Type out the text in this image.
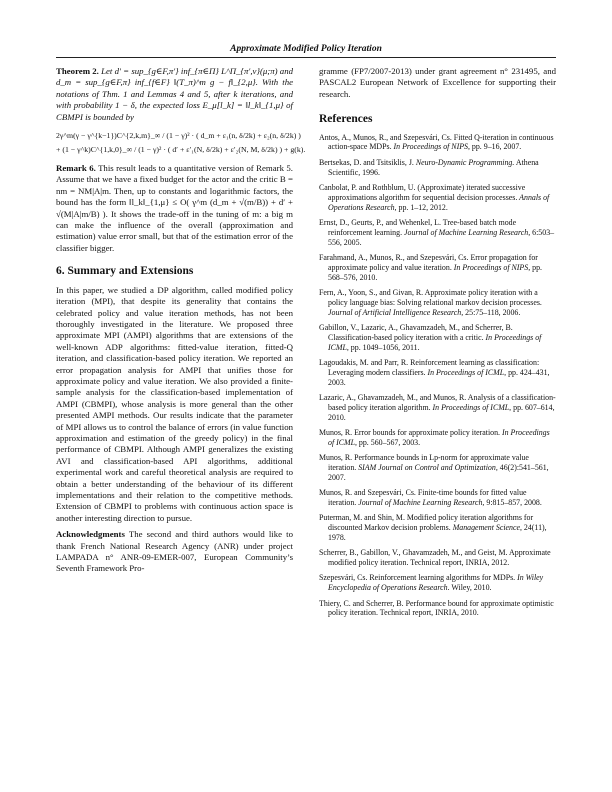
Approximate Modified Policy Iteration

Theorem 2. Let d′ = sup_{g∈F,π′} inf_{π∈Π} L^Π_{π′,ν}(μ;π) and d_m = sup_{g∈F,π} inf_{f∈F} ‖(T_π)^m g − f‖_{2,μ}. With the notations of Thm. 1 and Lemmas 4 and 5, after k iterations, and with probability 1 − δ, the expected loss E_μ[l_k] = ‖l_k‖_{1,μ} of CBMPI is bounded by

2γ^m(γ − γ^{k−1})C^{2,k,m}_∞ / (1 − γ)² · ( d_m + ε₁(n, δ/2k) + ε₂(n, δ/2k) )
+ (1 − γ^k)C^{1,k,0}_∞ / (1 − γ)² · ( d′ + ε′₁(N, δ/2k) + ε′₂(N, M, δ/2k) ) + g(k).

Remark 6. This result leads to a quantitative version of Remark 5. Assume that we have a fixed budget for the actor and the critic B = nm = NM|A|m. Then, up to constants and logarithmic factors, the bound has the form ‖l_k‖_{1,μ} ≤ O( γ^m (d_m + √(m/B)) + d′ + √(M|A|m/B) ). It shows the trade-off in the tuning of m: a big m can make the influence of the overall (approximation and estimation) value error small, but that of the estimation error of the classifier bigger.

6. Summary and Extensions

In this paper, we studied a DP algorithm, called modified policy iteration (MPI), that despite its generality that contains the celebrated policy and value iteration methods, has not been thoroughly investigated in the literature. We proposed three approximate MPI (AMPI) algorithms that are extensions of the well-known ADP algorithms: fitted-value iteration, fitted-Q iteration, and classification-based policy iteration. We reported an error propagation analysis for AMPI that unifies those for approximate policy and value iteration. We also provided a finite-sample analysis for the classification-based implementation of AMPI (CBMPI), whose analysis is more general than the other presented AMPI methods. Our results indicate that the parameter of MPI allows us to control the balance of errors (in value function approximation and estimation of the greedy policy) in the final performance of CBMPI. Although AMPI generalizes the existing AVI and classification-based API algorithms, additional experimental work and careful theoretical analysis are required to obtain a better understanding of the behaviour of its different implementations and their relation to the competitive methods. Extension of CBMPI to problems with continuous action space is another interesting direction to pursue.

Acknowledgments The second and third authors would like to thank French National Research Agency (ANR) under project LAMPADA n° ANR-09-EMER-007, European Community’s Seventh Framework Pro-

gramme (FP7/2007-2013) under grant agreement n° 231495, and PASCAL2 European Network of Excellence for supporting their research.

References

Antos, A., Munos, R., and Szepesvári, Cs. Fitted Q-iteration in continuous action-space MDPs. In Proceedings of NIPS, pp. 9–16, 2007.

Bertsekas, D. and Tsitsiklis, J. Neuro-Dynamic Programming. Athena Scientific, 1996.

Canbolat, P. and Rothblum, U. (Approximate) iterated successive approximations algorithm for sequential decision processes. Annals of Operations Research, pp. 1–12, 2012.

Ernst, D., Geurts, P., and Wehenkel, L. Tree-based batch mode reinforcement learning. Journal of Machine Learning Research, 6:503–556, 2005.

Farahmand, A., Munos, R., and Szepesvári, Cs. Error propagation for approximate policy and value iteration. In Proceedings of NIPS, pp. 568–576, 2010.

Fern, A., Yoon, S., and Givan, R. Approximate policy iteration with a policy language bias: Solving relational markov decision processes. Journal of Artificial Intelligence Research, 25:75–118, 2006.

Gabillon, V., Lazaric, A., Ghavamzadeh, M., and Scherrer, B. Classification-based policy iteration with a critic. In Proceedings of ICML, pp. 1049–1056, 2011.

Lagoudakis, M. and Parr, R. Reinforcement learning as classification: Leveraging modern classifiers. In Proceedings of ICML, pp. 424–431, 2003.

Lazaric, A., Ghavamzadeh, M., and Munos, R. Analysis of a classification-based policy iteration algorithm. In Proceedings of ICML, pp. 607–614, 2010.

Munos, R. Error bounds for approximate policy iteration. In Proceedings of ICML, pp. 560–567, 2003.

Munos, R. Performance bounds in Lp-norm for approximate value iteration. SIAM Journal on Control and Optimization, 46(2):541–561, 2007.

Munos, R. and Szepesvári, Cs. Finite-time bounds for fitted value iteration. Journal of Machine Learning Research, 9:815–857, 2008.

Puterman, M. and Shin, M. Modified policy iteration algorithms for discounted Markov decision problems. Management Science, 24(11), 1978.

Scherrer, B., Gabillon, V., Ghavamzadeh, M., and Geist, M. Approximate modified policy iteration. Technical report, INRIA, 2012.

Szepesvári, Cs. Reinforcement learning algorithms for MDPs. In Wiley Encyclopedia of Operations Research. Wiley, 2010.

Thiery, C. and Scherrer, B. Performance bound for approximate optimistic policy iteration. Technical report, INRIA, 2010.
